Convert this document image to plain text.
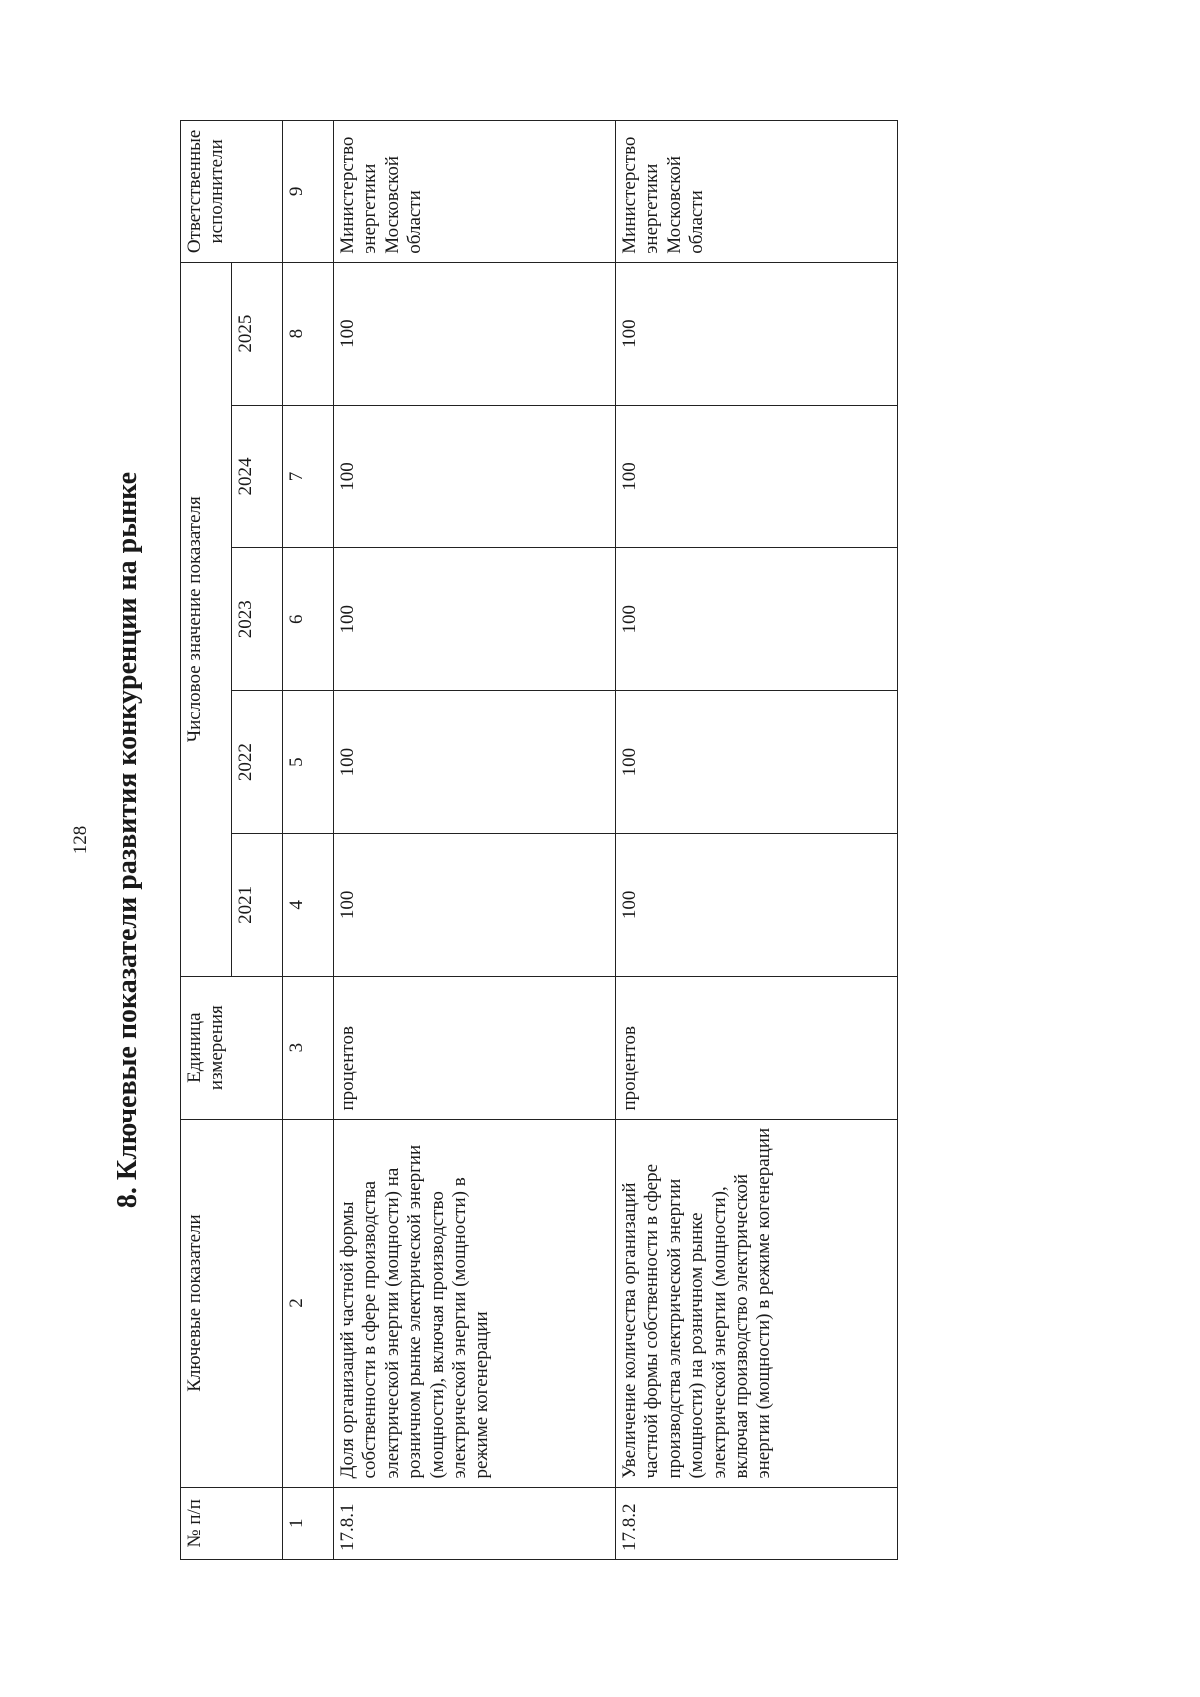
128 8. Ключевые показатели развития конкуренции на рынке
№ п/п	Ключевые показатели	Единица измерения	Числовое значение показателя					Ответственные исполнители
			2021	2022	2023	2024	2025	
1	2	3	4	5	6	7	8	9
17.8.1	Доля организаций частной формы собственности в сфере производства электрической энергии (мощности) на розничном рынке электрической энергии (мощности), включая производство электрической энергии (мощности) в режиме когенерации	процентов	100	100	100	100	100	Министерство энергетики Московской области
17.8.2	Увеличение количества организаций частной формы собственности в сфере производства электрической энергии (мощности) на розничном рынке электрической энергии (мощности), включая производство электрической энергии (мощности) в режиме когенерации	процентов	100	100	100	100	100	Министерство энергетики Московской области
